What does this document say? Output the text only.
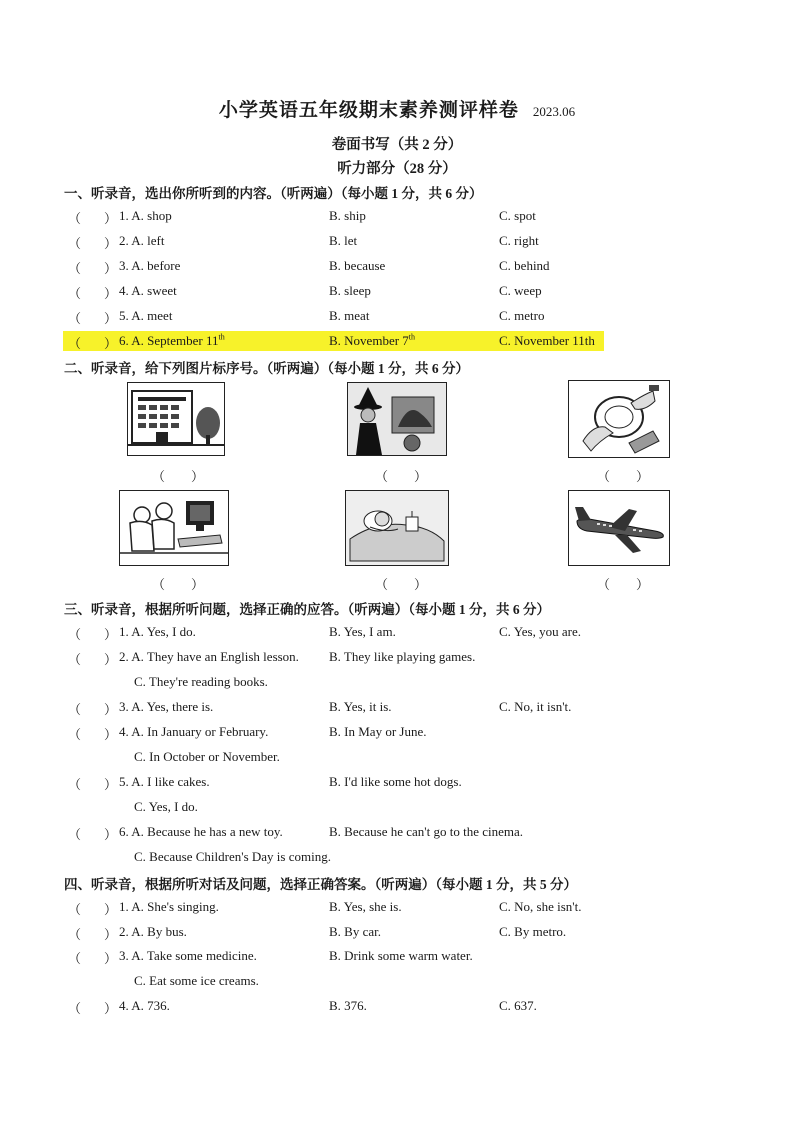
小学英语五年级期末素养测评样卷 2023.06
卷面书写（共 2 分）
听力部分（28 分）
一、听录音，选出你所听到的内容。（听两遍）（每小题 1 分，共 6 分）
（ ） 1. A. shop	B. ship	C. spot
（ ） 2. A. left	B. let	C. right
（ ） 3. A. before	B. because	C. behind
（ ） 4. A. sweet	B. sleep	C. weep
（ ） 5. A. meet	B. meat	C. metro
（ ） 6. A. September 11th	B. November 7th	C. November 11th
二、听录音，给下列图片标序号。（听两遍）（每小题 1 分，共 6 分）
（　　）	（　　）	（　　）
（　　）	（　　）	（　　）
三、听录音，根据所听问题，选择正确的应答。（听两遍）（每小题 1 分，共 6 分）
（ ） 1. A. Yes, I do.	B. Yes, I am.	C. Yes, you are.
（ ） 2. A. They have an English lesson. B. They like playing games.
C. They're reading books.
（ ） 3. A. Yes, there is.	B. Yes, it is.	C. No, it isn't.
（ ） 4. A. In January or February.	B. In May or June.
C. In October or November.
（ ） 5. A. I like cakes.	B. I'd like some hot dogs.
C. Yes, I do.
（ ） 6. A. Because he has a new toy.	B. Because he can't go to the cinema.
C. Because Children's Day is coming.
四、听录音，根据所听对话及问题，选择正确答案。（听两遍）（每小题 1 分，共 5 分）
（ ） 1. A. She's singing.	B. Yes, she is.	C. No, she isn't.
（ ） 2. A. By bus.	B. By car.	C. By metro.
（ ） 3. A. Take some medicine.	B. Drink some warm water.
C. Eat some ice creams.
（ ） 4. A. 736.	B. 376.	C. 637.
